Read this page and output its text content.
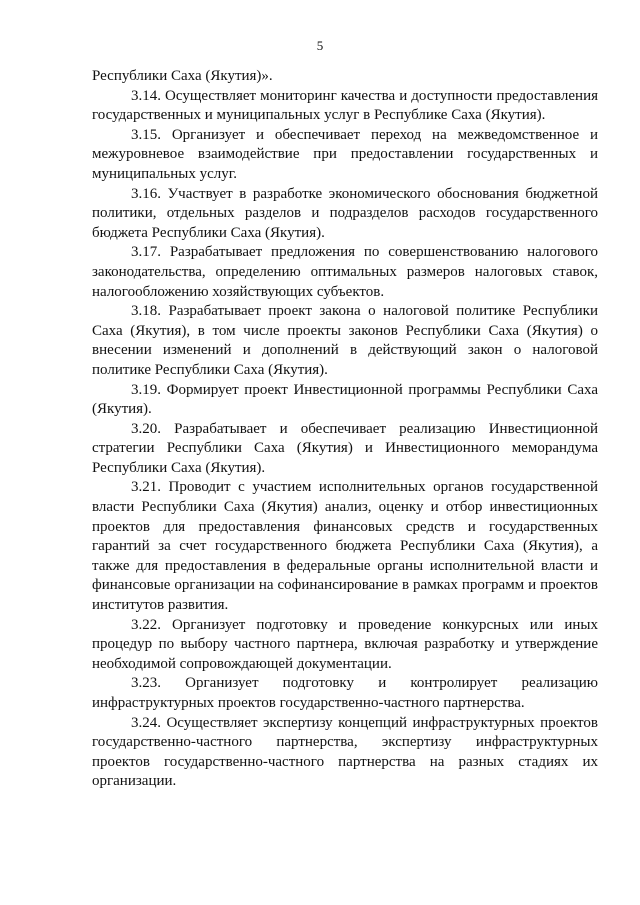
5

Республики Саха (Якутия)».

3.14. Осуществляет мониторинг качества и доступности предоставления государственных и муниципальных услуг в Республике Саха (Якутия).

3.15. Организует и обеспечивает переход на межведомственное и межуровневое взаимодействие при предоставлении государственных и муниципальных услуг.

3.16. Участвует в разработке экономического обоснования бюджетной политики, отдельных разделов и подразделов расходов государственного бюджета Республики Саха (Якутия).

3.17. Разрабатывает предложения по совершенствованию налогового законодательства, определению оптимальных размеров налоговых ставок, налогообложению хозяйствующих субъектов.

3.18. Разрабатывает проект закона о налоговой политике Республики Саха (Якутия), в том числе проекты законов Республики Саха (Якутия) о внесении изменений и дополнений в действующий закон о налоговой политике Республики Саха (Якутия).

3.19. Формирует проект Инвестиционной программы Республики Саха (Якутия).

3.20. Разрабатывает и обеспечивает реализацию Инвестиционной стратегии Республики Саха (Якутия) и Инвестиционного меморандума Республики Саха (Якутия).

3.21. Проводит с участием исполнительных органов государственной власти Республики Саха (Якутия) анализ, оценку и отбор инвестиционных проектов для предоставления финансовых средств и государственных гарантий за счет государственного бюджета Республики Саха (Якутия), а также для предоставления в федеральные органы исполнительной власти и финансовые организации на софинансирование в рамках программ и проектов институтов развития.

3.22. Организует подготовку и проведение конкурсных или иных процедур по выбору частного партнера, включая разработку и утверждение необходимой сопровождающей документации.

3.23. Организует подготовку и контролирует реализацию инфраструктурных проектов государственно-частного партнерства.

3.24. Осуществляет экспертизу концепций инфраструктурных проектов государственно-частного партнерства, экспертизу инфраструктурных проектов государственно-частного партнерства на разных стадиях их организации.
